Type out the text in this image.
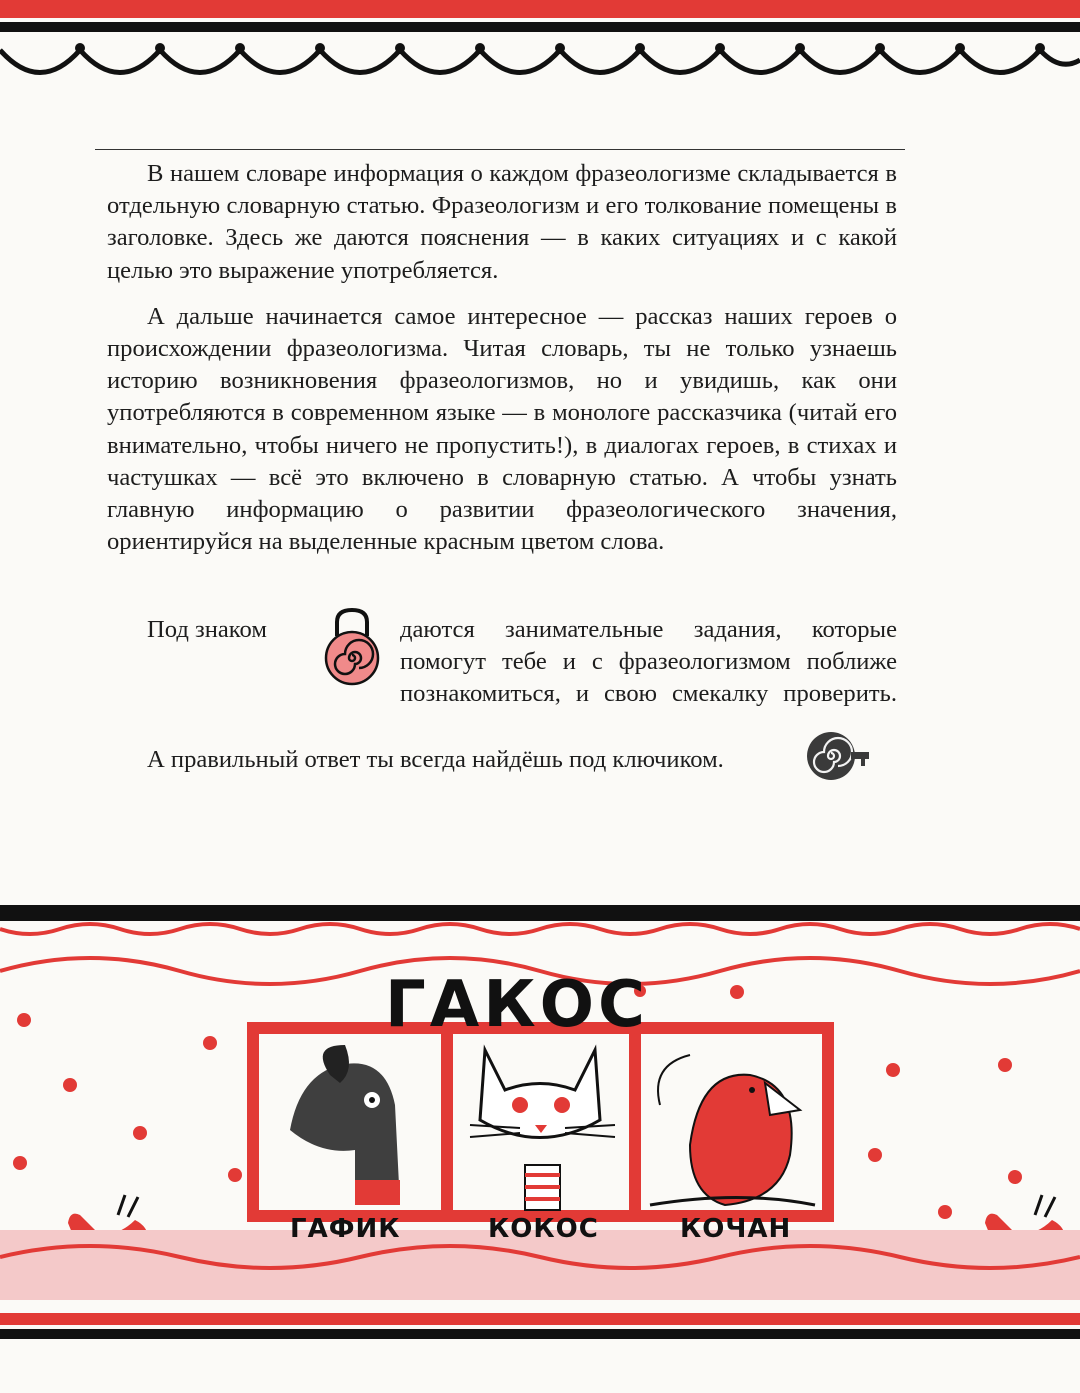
В нашем словаре информация о каждом фразеологизме складывается в отдельную словарную статью. Фразеологизм и его толкование помещены в заголовке. Здесь же даются пояснения — в каких ситуациях и с какой целью это выражение употребляется.

А дальше начинается самое интересное — рассказ наших героев о происхождении фразеологизма. Читая словарь, ты не только узнаешь историю возникновения фразеологизмов, но и увидишь, как они употребляются в современном языке — в монологе рассказчика (читай его внимательно, чтобы ничего не пропустить!), в диалогах героев, в стихах и частушках — всё это включено в словарную статью. А чтобы узнать главную информацию о развитии фразеологического значения, ориентируйся на выделенные красным цветом слова.

Под знаком	даются занимательные задания, которые помогут тебе и с фразеологизмом поближе познакомиться, и свою смекалку проверить.
А правильный ответ ты всегда найдёшь под ключиком.
ГАКОС
ГАФИК	КОКОС	КОЧАН
